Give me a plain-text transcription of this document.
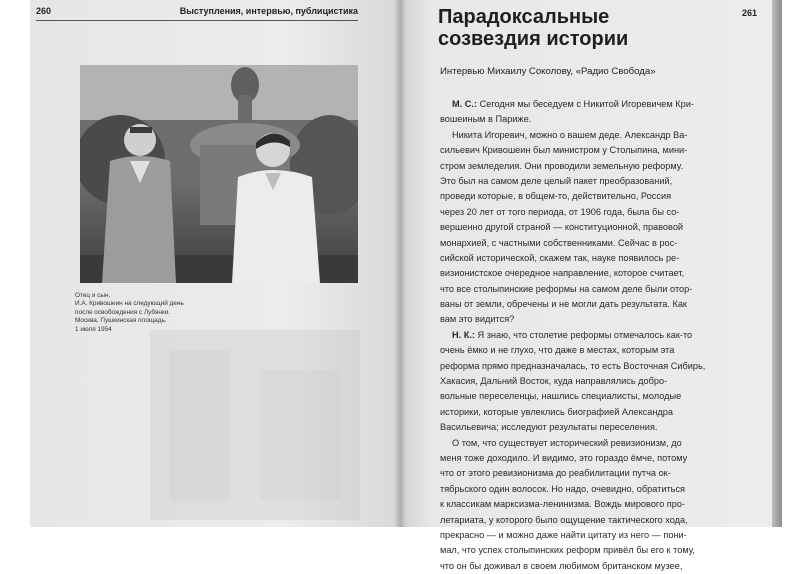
260	Выступления, интервью, публицистика
Отец и сын.
И.А. Кривошеин на следующий день
после освобождения с Лубянки.
Москва, Пушкинская площадь.
1 июля 1954
Парадоксальные
созвездия истории
261
Интервью Михаилу Соколову, «Радио Свобода»
М. С.: Сегодня мы беседуем с Никитой Игоревичем Кри-
вошеиным в Париже.
Никита Игоревич, можно о вашем деде. Александр Ва-
сильевич Кривошеин был министром у Столыпина, мини-
стром земледелия. Они проводили земельную реформу.
Это был на самом деле целый пакет преобразований,
проведи которые, в общем-то, действительно, Россия
через 20 лет от того периода, от 1906 года, была бы со-
вершенно другой страной — конституционной, правовой
монархией, с частными собственниками. Сейчас в рос-
сийской исторической, скажем так, науке появилось ре-
визионистское очередное направление, которое считает,
что все столыпинские реформы на самом деле были отор-
ваны от земли, обречены и не могли дать результата. Как
вам это видится?
Н. К.: Я знаю, что столетие реформы отмечалось как-то
очень ёмко и не глухо, что даже в местах, которым эта
реформа прямо предназначалась, то есть Восточная Сибирь,
Хакасия, Дальний Восток, куда направлялись добро-
вольные переселенцы, нашлись специалисты, молодые
историки, которые увлеклись биографией Александра
Васильевича; исследуют результаты переселения.
О том, что существует исторический ревизионизм, до
меня тоже доходило. И видимо, это гораздо ёмче, потому
что от этого ревизионизма до реабилитации путча ок-
тябрьского один волосок. Но надо, очевидно, обратиться
к классикам марксизма-ленинизма. Вождь мирового про-
летариата, у которого было ощущение тактического хода,
прекрасно — и можно даже найти цитату из него — пони-
мал, что успех столыпинских реформ привёл бы его к тому,
что он бы доживал в своем любимом британском музее,
